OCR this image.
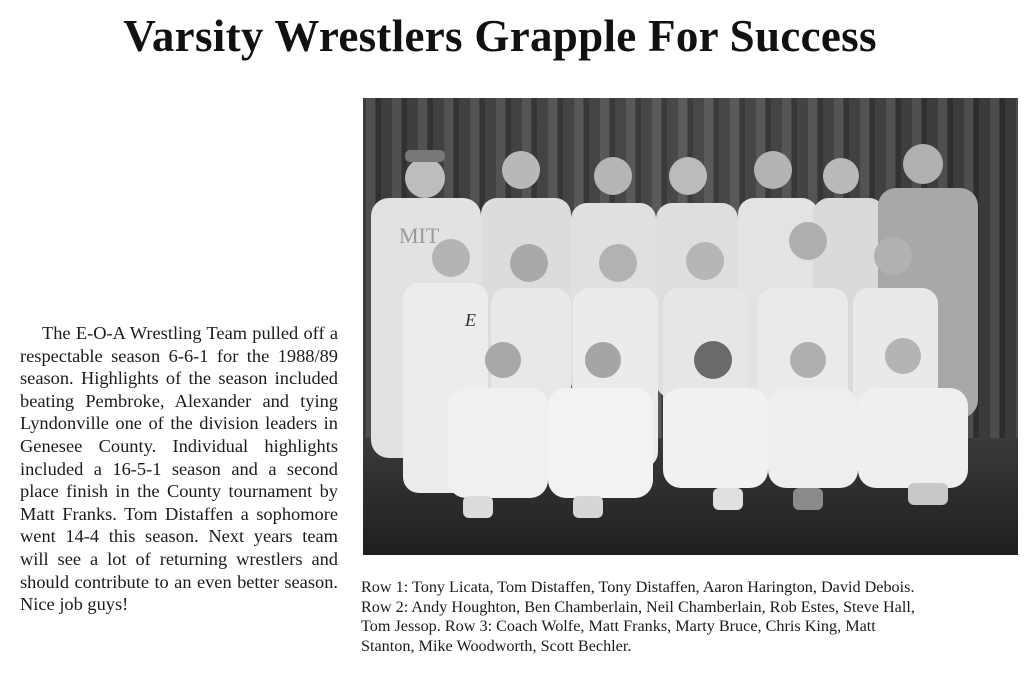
Varsity Wrestlers Grapple For Success
The E-O-A Wrestling Team pulled off a respectable season 6-6-1 for the 1988/89 season. Highlights of the season included beating Pembroke, Alexander and tying Lyndonville one of the division leaders in Genesee County. Individual highlights included a 16-5-1 season and a second place finish in the County tournament by Matt Franks. Tom Distaffen a sophomore went 14-4 this season. Next years team will see a lot of returning wrestlers and should contribute to an even better season. Nice job guys!
MIT
E
Row 1: Tony Licata, Tom Distaffen, Tony Distaffen, Aaron Harington, David Debois.
Row 2: Andy Houghton, Ben Chamberlain, Neil Chamberlain, Rob Estes, Steve Hall,
Tom Jessop. Row 3: Coach Wolfe, Matt Franks, Marty Bruce, Chris King, Matt
Stanton, Mike Woodworth, Scott Bechler.
